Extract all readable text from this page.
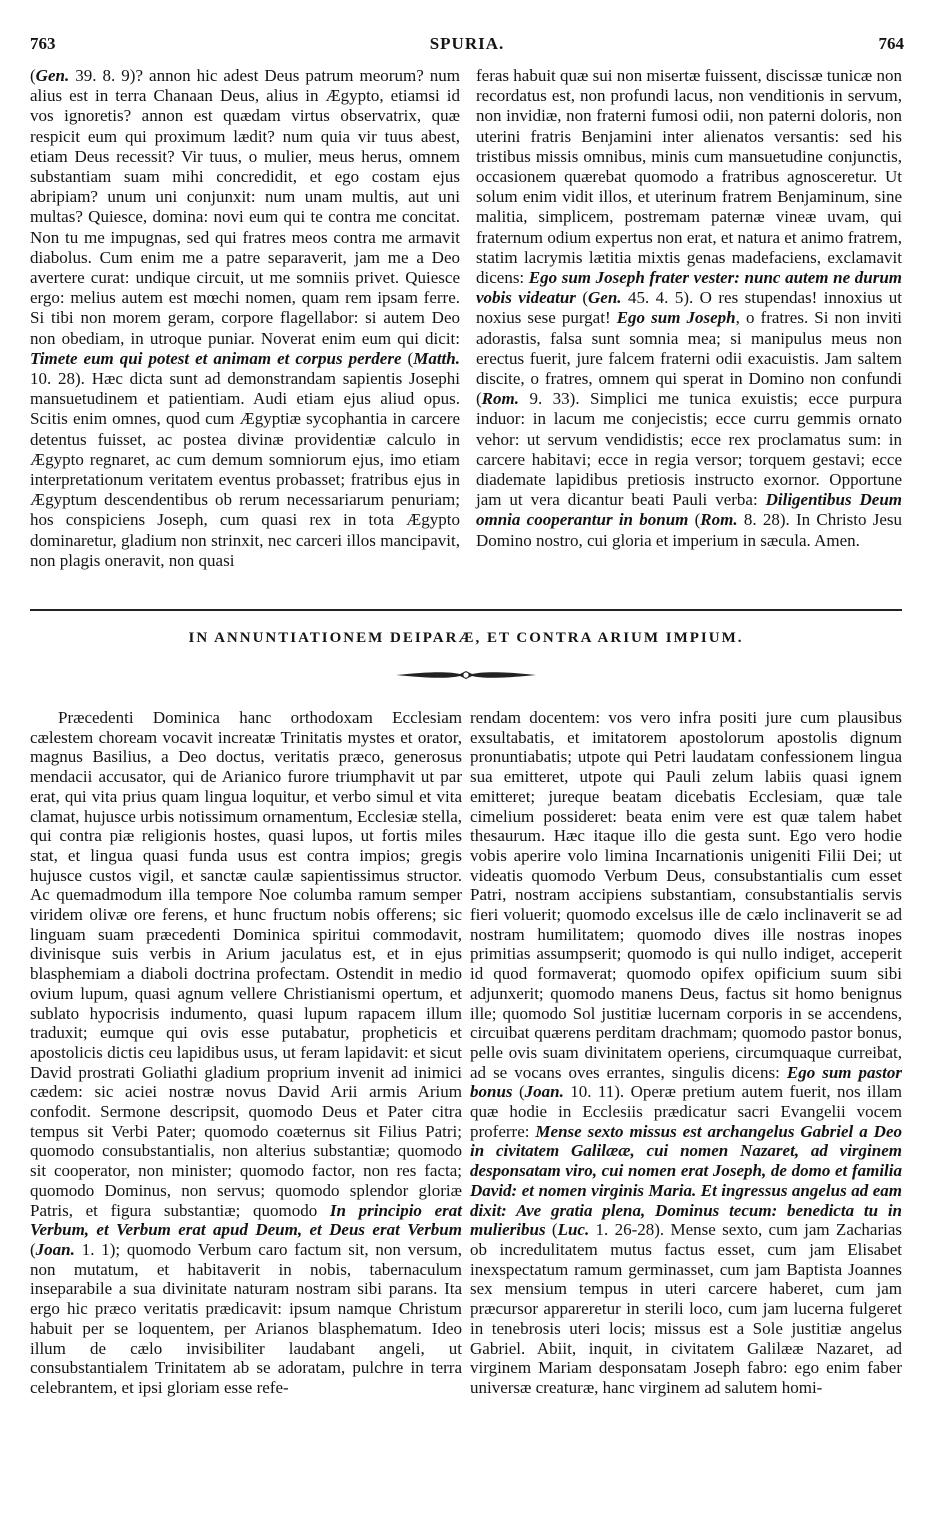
763	SPURIA.	764

(Gen. 39. 8. 9)? annon hic adest Deus patrum meorum? num alius est in terra Chanaan Deus, alius in Ægypto, etiamsi id vos ignoretis? annon est quædam virtus observatrix, quæ respicit eum qui proximum lædit? num quia vir tuus abest, etiam Deus recessit? Vir tuus, o mulier, meus herus, omnem substantiam suam mihi concredidit, et ego costam ejus abripiam? unum uni conjunxit: num unam multis, aut uni multas? Quiesce, domina: novi eum qui te contra me concitat. Non tu me impugnas, sed qui fratres meos contra me armavit diabolus. Cum enim me a patre separaverit, jam me a Deo avertere curat: undique circuit, ut me somniis privet. Quiesce ergo: melius autem est mœchi nomen, quam rem ipsam ferre. Si tibi non morem geram, corpore flagellabor: si autem Deo non obediam, in utroque puniar. Noverat enim eum qui dicit: Timete eum qui potest et animam et corpus perdere (Matth. 10. 28). Hæc dicta sunt ad demonstrandam sapientis Josephi mansuetudinem et patientiam. Audi etiam ejus aliud opus. Scitis enim omnes, quod cum Ægyptiæ sycophantia in carcere detentus fuisset, ac postea divinæ providentiæ calculo in Ægypto regnaret, ac cum demum somniorum ejus, imo etiam interpretationum veritatem eventus probasset; fratribus ejus in Ægyptum descendentibus ob rerum necessariarum penuriam; hos conspiciens Joseph, cum quasi rex in tota Ægypto dominaretur, gladium non strinxit, nec carceri illos mancipavit, non plagis oneravit, non quasi

feras habuit quæ sui non misertæ fuissent, discissæ tunicæ non recordatus est, non profundi lacus, non venditionis in servum, non invidiæ, non fraterni fumosi odii, non paterni doloris, non uterini fratris Benjamini inter alienatos versantis: sed his tristibus missis omnibus, minis cum mansuetudine conjunctis, occasionem quærebat quomodo a fratribus agnosceretur. Ut solum enim vidit illos, et uterinum fratrem Benjaminum, sine malitia, simplicem, postremam paternæ vineæ uvam, qui fraternum odium expertus non erat, et natura et animo fratrem, statim lacrymis lætitia mixtis genas madefaciens, exclamavit dicens: Ego sum Joseph frater vester: nunc autem ne durum vobis videatur (Gen. 45. 4. 5). O res stupendas! innoxius ut noxius sese purgat! Ego sum Joseph, o fratres. Si non inviti adorastis, falsa sunt somnia mea; si manipulus meus non erectus fuerit, jure falcem fraterni odii exacuistis. Jam saltem discite, o fratres, omnem qui sperat in Domino non confundi (Rom. 9. 33). Simplici me tunica exuistis; ecce purpura induor: in lacum me conjecistis; ecce curru gemmis ornato vehor: ut servum vendidistis; ecce rex proclamatus sum: in carcere habitavi; ecce in regia versor; torquem gestavi; ecce diademate lapidibus pretiosis instructo exornor. Opportune jam ut vera dicantur beati Pauli verba: Diligentibus Deum omnia cooperantur in bonum (Rom. 8. 28). In Christo Jesu Domino nostro, cui gloria et imperium in sæcula. Amen.

IN ANNUNTIATIONEM DEIPARÆ, ET CONTRA ARIUM IMPIUM.

Præcedenti Dominica hanc orthodoxam Ecclesiam cælestem choream vocavit increatæ Trinitatis mystes et orator, magnus Basilius, a Deo doctus, veritatis præco, generosus mendacii accusator, qui de Arianico furore triumphavit ut par erat, qui vita prius quam lingua loquitur, et verbo simul et vita clamat, hujusce urbis notissimum ornamentum, Ecclesiæ stella, qui contra piæ religionis hostes, quasi lupos, ut fortis miles stat, et lingua quasi funda usus est contra impios; gregis hujusce custos vigil, et sanctæ caulæ sapientissimus structor. Ac quemadmodum illa tempore Noe columba ramum semper viridem olivæ ore ferens, et hunc fructum nobis offerens; sic linguam suam præcedenti Dominica spiritui commodavit, divinisque suis verbis in Arium jaculatus est, et in ejus blasphemiam a diaboli doctrina profectam. Ostendit in medio ovium lupum, quasi agnum vellere Christianismi opertum, et sublato hypocrisis indumento, quasi lupum rapacem illum traduxit; eumque qui ovis esse putabatur, propheticis et apostolicis dictis ceu lapidibus usus, ut feram lapidavit: et sicut David prostrati Goliathi gladium proprium invenit ad inimici cædem: sic aciei nostræ novus David Arii armis Arium confodit. Sermone descripsit, quomodo Deus et Pater citra tempus sit Verbi Pater; quomodo coæternus sit Filius Patri; quomodo consubstantialis, non alterius substantiæ; quomodo sit cooperator, non minister; quomodo factor, non res facta; quomodo Dominus, non servus; quomodo splendor gloriæ Patris, et figura substantiæ; quomodo In principio erat Verbum, et Verbum erat apud Deum, et Deus erat Verbum (Joan. 1. 1); quomodo Verbum caro factum sit, non versum, non mutatum, et habitaverit in nobis, tabernaculum inseparabile a sua divinitate naturam nostram sibi parans. Ita ergo hic præco veritatis prædicavit: ipsum namque Christum habuit per se loquentem, per Arianos blasphematum. Ideo illum de cælo invisibiliter laudabant angeli, ut consubstantialem Trinitatem ab se adoratam, pulchre in terra celebrantem, et ipsi gloriam esse refe-

rendam docentem: vos vero infra positi jure cum plausibus exsultabatis, et imitatorem apostolorum apostolis dignum pronuntiabatis; utpote qui Petri laudatam confessionem lingua sua emitteret, utpote qui Pauli zelum labiis quasi ignem emitteret; jureque beatam dicebatis Ecclesiam, quæ tale cimelium possideret: beata enim vere est quæ talem habet thesaurum. Hæc itaque illo die gesta sunt. Ego vero hodie vobis aperire volo limina Incarnationis unigeniti Filii Dei; ut videatis quomodo Verbum Deus, consubstantialis cum esset Patri, nostram accipiens substantiam, consubstantialis servis fieri voluerit; quomodo excelsus ille de cælo inclinaverit se ad nostram humilitatem; quomodo dives ille nostras inopes primitias assumpserit; quomodo is qui nullo indiget, acceperit id quod formaverat; quomodo opifex opificium suum sibi adjunxerit; quomodo manens Deus, factus sit homo benignus ille; quomodo Sol justitiæ lucernam corporis in se accendens, circuibat quærens perditam drachmam; quomodo pastor bonus, pelle ovis suam divinitatem operiens, circumquaque curreibat, ad se vocans oves errantes, singulis dicens: Ego sum pastor bonus (Joan. 10. 11). Operæ pretium autem fuerit, nos illam quæ hodie in Ecclesiis prædicatur sacri Evangelii vocem proferre: Mense sexto missus est archangelus Gabriel a Deo in civitatem Galilææ, cui nomen Nazaret, ad virginem desponsatam viro, cui nomen erat Joseph, de domo et familia David: et nomen virginis Maria. Et ingressus angelus ad eam dixit: Ave gratia plena, Dominus tecum: benedicta tu in mulieribus (Luc. 1. 26-28). Mense sexto, cum jam Zacharias ob incredulitatem mutus factus esset, cum jam Elisabet inexspectatum ramum germinasset, cum jam Baptista Joannes sex mensium tempus in uteri carcere haberet, cum jam præcursor appareretur in sterili loco, cum jam lucerna fulgeret in tenebrosis uteri locis; missus est a Sole justitiæ angelus Gabriel. Abiit, inquit, in civitatem Galilææ Nazaret, ad virginem Mariam desponsatam Joseph fabro: ego enim faber universæ creaturæ, hanc virginem ad salutem homi-
